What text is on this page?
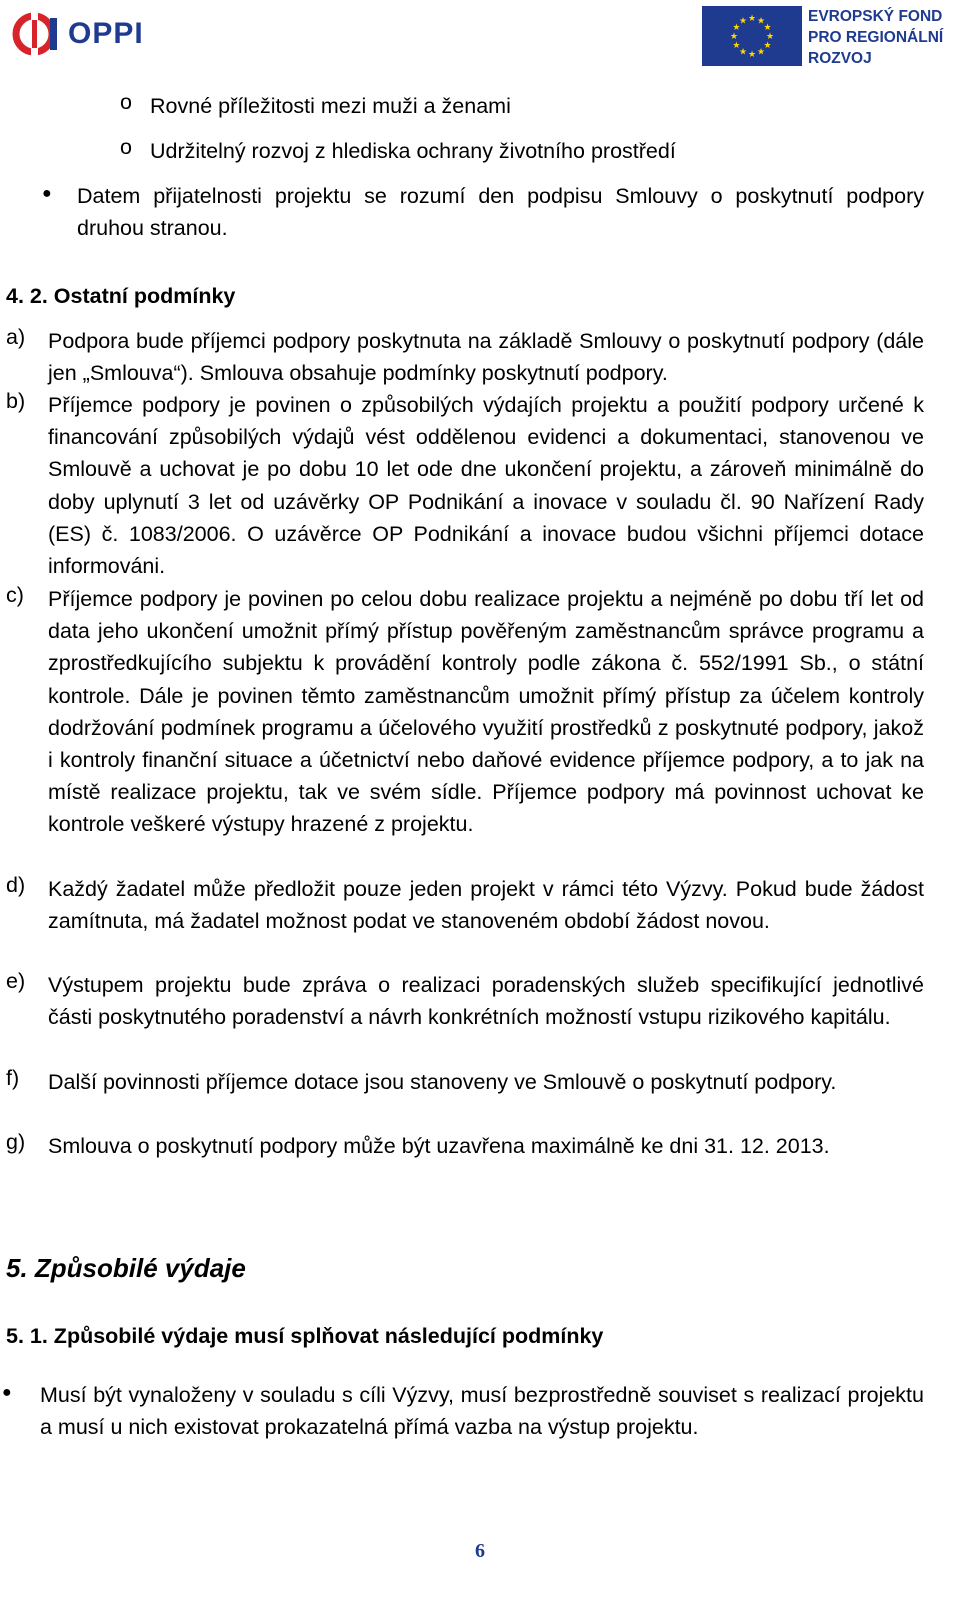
OPPI	★
★
★
★
★
★
★
★
★ ★ ★
★
EVROPSKÝ FOND
PRO REGIONÁLNÍ
ROZVOJ
o Rovné příležitosti mezi muži a ženami
o Udržitelný rozvoj z hlediska ochrany životního prostředí
● Datem přijatelnosti projektu se rozumí den podpisu Smlouvy o poskytnutí podpory druhou stranou.
4. 2. Ostatní podmínky
a) Podpora bude příjemci podpory poskytnuta na základě Smlouvy o poskytnutí podpory (dále jen „Smlouva“). Smlouva obsahuje podmínky poskytnutí podpory.
b) Příjemce podpory je povinen o způsobilých výdajích projektu a použití podpory určené k financování způsobilých výdajů vést oddělenou evidenci a dokumentaci, stanovenou ve Smlouvě a uchovat je po dobu 10 let ode dne ukončení projektu, a zároveň minimálně do doby uplynutí 3 let od uzávěrky OP Podnikání a inovace v souladu čl. 90 Nařízení Rady (ES) č. 1083/2006. O uzávěrce OP Podnikání a inovace budou všichni příjemci dotace informováni.
c) Příjemce podpory je povinen po celou dobu realizace projektu a nejméně po dobu tří let od data jeho ukončení umožnit přímý přístup pověřeným zaměstnancům správce programu a zprostředkujícího subjektu k provádění kontroly podle zákona č. 552/1991 Sb., o státní kontrole. Dále je povinen těmto zaměstnancům umožnit přímý přístup za účelem kontroly dodržování podmínek programu a účelového využití prostředků z poskytnuté podpory, jakož i kontroly finanční situace a účetnictví nebo daňové evidence příjemce podpory, a to jak na místě realizace projektu, tak ve svém sídle. Příjemce podpory má povinnost uchovat ke kontrole veškeré výstupy hrazené z projektu.
d) Každý žadatel může předložit pouze jeden projekt v rámci této Výzvy. Pokud bude žádost zamítnuta, má žadatel možnost podat ve stanoveném období žádost novou.
e) Výstupem projektu bude zpráva o realizaci poradenských služeb specifikující jednotlivé části poskytnutého poradenství a návrh konkrétních možností vstupu rizikového kapitálu.
f) Další povinnosti příjemce dotace jsou stanoveny ve Smlouvě o poskytnutí podpory.
g) Smlouva o poskytnutí podpory může být uzavřena maximálně ke dni 31. 12. 2013.
5. Způsobilé výdaje
5. 1. Způsobilé výdaje musí splňovat následující podmínky
● Musí být vynaloženy v souladu s cíli Výzvy, musí bezprostředně souviset s realizací projektu a musí u nich existovat prokazatelná přímá vazba na výstup projektu.
6
